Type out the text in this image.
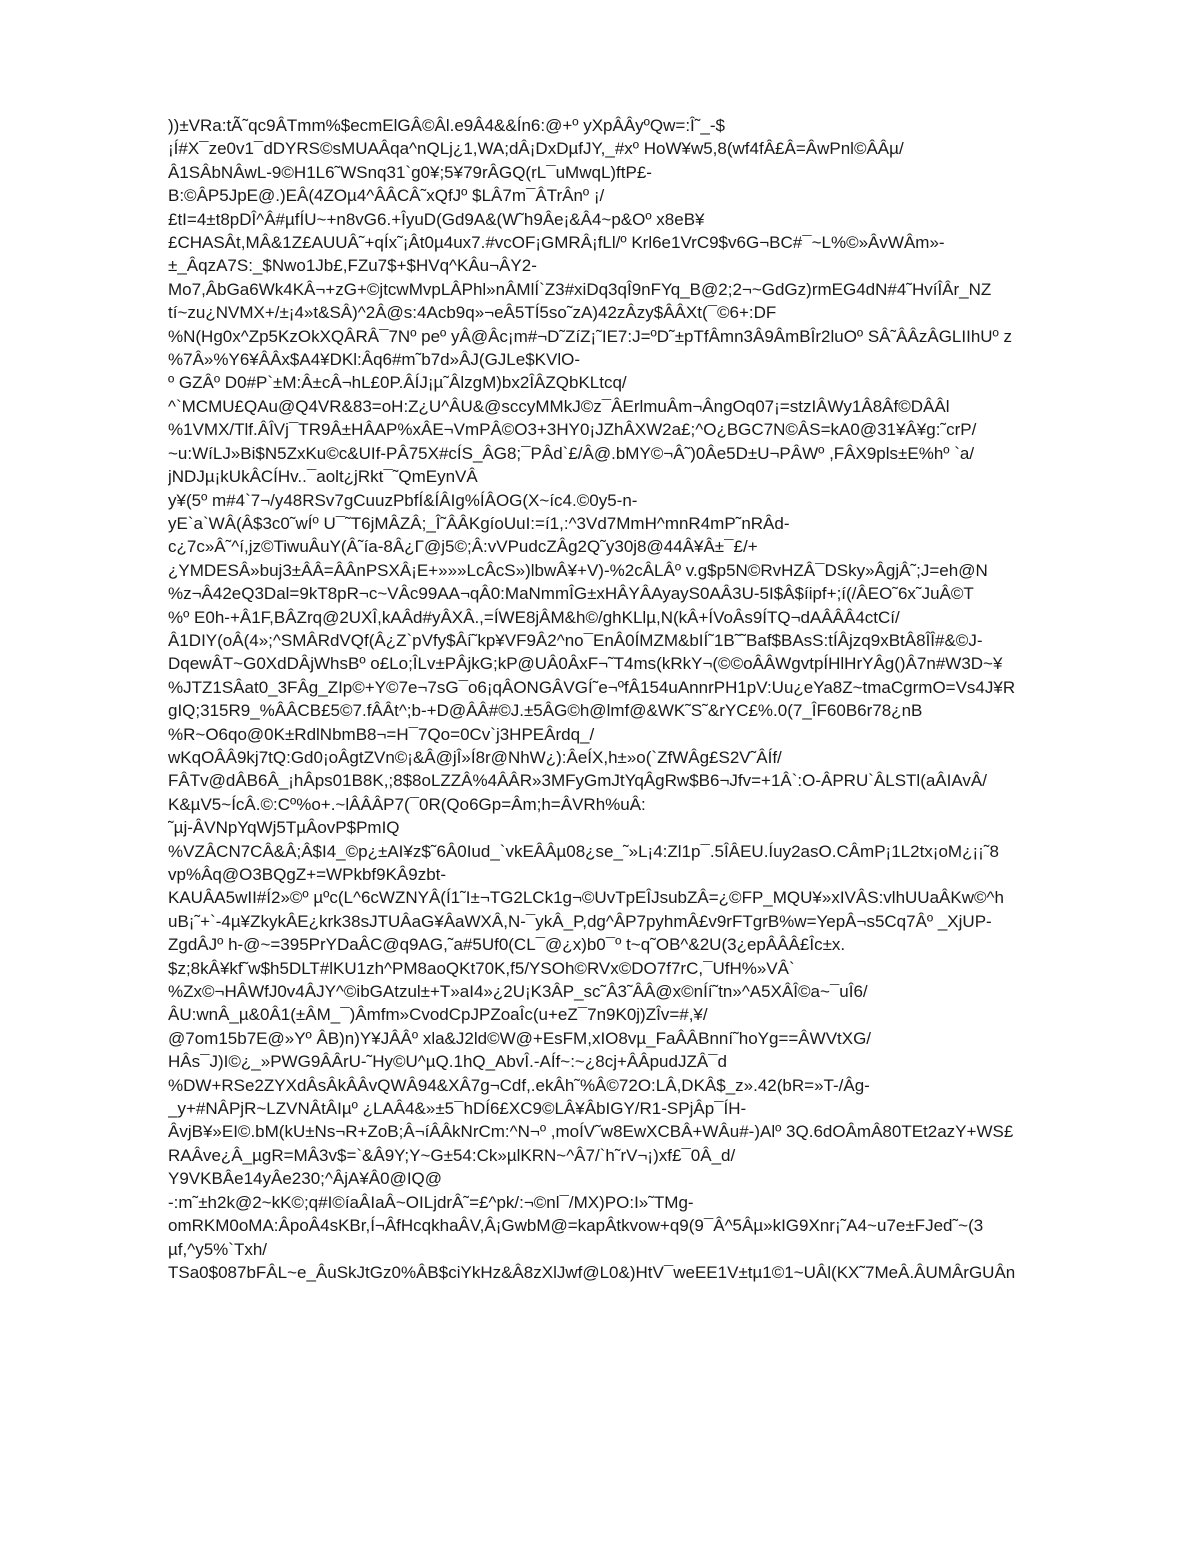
))±VRa:tÃ˜qc9ÂTmm%$ecmElGÂ©Âl.e9Â4&&Ín6:@+º yXpÂÂyºQw=:Î˜_-$
¡Í#X¯ze0v1¯dDYRS©sMUAÂqa^nQLj¿1,WA;dÂ¡DxDµfJY,_#xº HoW¥w5,8(wf4fÂ£Â=ÂwPnl©ÂÂµ/
Â1SÂbNÂwL-9©H1L6˜WSnq31`g0¥;5¥79rÂGQ(rL¯uMwqL)ftP£-
B:©ÂP5JpE@.)EÂ(4ZOµ4^ÂÂCÂ˜xQfJº $LÂ7m¯ÂTrÂnº ¡/
£tI=4±t8pDÎ^Â#µfÍU~+n8vG6.+ÎyuD(Gd9A&(W˜h9Âe¡&Â4~p&Oº x8eB¥
£CHASÂt,MÂ&1Z£AUUÂ˜+qÍx˜¡Ât0µ4ux7.#vcOF¡GMRÂ¡fLl/º Krl6e1VrC9$v6G¬BC#¯~L%©»ÂvWÂm»-
±_ÂqzA7S:_$Nwo1Jb£,FZu7$+$HVq^KÂu¬ÂY2-
Mo7,ÂbGa6Wk4KÂ¬+zG+©jtcwMvpLÂPhl»nÂMlÍ`Z3#xiDq3qÎ9nFYq_B@2;2¬~GdGz)rmEG4dN#4˜HvíÎÂr_NZ
tí~zu¿NVMX+/±¡4»t&SÂ)^2Â@s:4Acb9q»¬eÂ5TÍ5so˜zA)42zÂzy$ÂÂXt(¯©6+:DF
%N(Hg0x^Zp5KzOkXQÂRÂ¯7Nº peº yÂ@Âc¡m#¬D˜ZíZ¡˜IE7:J=ºD˜±pTfÂmn3Â9ÂmBÎr2luOº SÂ˜ÂÂzÂGLIIhUº z
%7Â»%Y6¥ÂÂx$A4¥DKl:Âq6#m˜b7d»ÂJ(GJLe$KVlO-
º GZÂº D0#P`±M:Â±cÂ¬hL£0P.ÂÍJ¡µ˜ÂlzgM)bx2ÎÂZQbKLtcq/
^`MCMU£QAu@Q4VR&83=oH:Z¿U^ÂU&@sccyMMkJ©z¯ÂErlmuÂm¬ÂngOq07¡=stzIÂWy1Â8Âf©DÂÂl
%1VMX/Tlf.ÂÎVj¯TR9Â±HÂAP%xÂE¬VmPÂ©O3+3HY0¡JZhÂXW2a£;^O¿BGC7N©ÂS=kA0@31¥Â¥g:˜crP/
~u:WíLJ»Bi$N5ZxKu©c&UIf-PÂ75X#cÍS_ÂG8;¯PÂd`£/Â@.bMY©¬Â˜)0Âe5D±U¬PÂWº ,FÂX9pls±E%hº `a/
jNDJµ¡kUkÂCÍHv..¯aolt¿jRkt¯˜QmEynVÂ
y¥(5º m#4`7¬/y48RSv7gCuuzPbfÍ&ÍÂIg%ÍÂOG(X~íc4.©0y5-n-
yE`a`WÂ(Â$3c0˜wÍº U¯˜T6jMÂZÂ;_Î˜ÂÂKgíoUuI:=í1,:^3Vd7MmH^mnR4mP˜nRÂd-
c¿7c»Â˜^í,jz©TiwuÂuY(Â˜ía-8Â¿Γ@j5©;Â:vVPudcZÂg2Q˜y30j8@44Â¥Â±¯£/+
¿YMDESÂ»buj3±ÂÂ=ÂÂnPSXÂ¡E+»»»LcÂcS»)lbwÂ¥+V)-%2cÂLÂº v.g$p5N©RvHZÂ¯DSky»ÂgjÂ˜;J=eh@N
%z¬Â42eQ3Dal=9kT8pR¬c~VÂc99AA¬qÂ0:MaNmmÎG±xHÂYÂAyayS0AÂ3U-5I$Â$íipf+;í(/ÂEO˜6x˜JuÂ©T
%º E0h-+Â1F,BÂZrq@2UXÎ,kAÂd#yÂXÂ.,=ÍWE8jÂM&h©/ghKLlµ,N(kÂ+ÍVoÂs9ÍTQ¬dAÂÂÂ4ctCí/
Â1DIY(oÂ(4»;^SMÂRdVQf(Â¿Z`pVfy$Âí˜kp¥VF9Â2^no¯EnÂ0ÍMZM&bIÍ˜1B˜˜Baf$BAsS:tÍÂjzq9xBtÂ8ÎÎ#&©J-
DqewÂT~G0XdDÂjWhsBº o£Lo;ÎLv±PÂjkG;kP@UÂ0ÂxF¬˜T4ms(kRkY¬(©©oÂÂWgvtpÍHlHrYÂg()Â7n#W3D~¥
%JTZ1SÂat0_3FÂg_ZIp©+Y©7e¬7sG¯o6¡qÂONGÂVGÍ˜e¬ºfÂ154uAnnrPH1pV:Uu¿eYa8Z~tmaCgrmO=Vs4J¥R
gIQ;315R9_%ÂÂCB£5©7.fÂÂt^;b-+D@ÂÂ#©J.±5ÂG©h@lmf@&WK˜S˜&rYC£%.0(7_ÎF60B6r78¿nB
%R~O6qo@0K±RdlNbmB8¬=H¯7Qo=0Cv`j3HPEÂrdq_/
wKqOÂÂ9kj7tQ:Gd0¡oÂgtZVn©¡&Â@jÎ»Í8r@NhW¿):ÂeÍX,h±»o(`ZfWÂg£S2V˜ÂÍf/
FÂTv@dÂB6Â_¡hÂps01B8K,;8$8oLZZÂ%4ÂÂR»3MFyGmJtYqÂgRw$B6¬Jfv=+1Â`:O-ÂPRU`ÂLSTl(aÂIAvÂ/
K&µV5~ÍcÂ.©:Cº%o+.~lÂÂÂP7(¯0R(Qo6Gp=Âm;h=ÂVRh%uÂ:
˜µj-ÂVNpYqWj5TµÂovP$PmIQ
%VZÂCN7CÂ&Â;Â$I4_©p¿±AI¥z$˜6Â0Iud_`vkEÂÂµ08¿se_˜»L¡4:Zl1p¯.5ÎÂEU.Íuy2asO.CÂmP¡1L2tx¡oM¿¡¡˜8
vp%Âq@O3BQgZ+=WPkbf9KÂ9zbt-
KAUÂA5wII#Í2»©º µºc(L^6cWZNYÂ(Í1˜I±¬TG2LCk1g¬©UvTpEÎJsubZÂ=¿©FP_MQU¥»xIVÂS:vlhUUaÂKw©^h
uB¡˜+`-4µ¥ZkykÂE¿krk38sJTUÂaG¥ÂaWXÂ,N-¯ykÂ_P,dg^ÂP7pyhmÂ£v9rFTgrB%w=YepÂ¬s5Cq7Âº _XjUP-
ZgdÂJº h-@~=395PrYDaÂC@q9AG,˜a#5Uf0(CL¯@¿x)b0¯º t~q˜OB^&2U(3¿epÂÂÂ£Îc±x.
$z;8kÂ¥kf˜w$h5DLT#lKU1zh^PM8aoQKt70K,f5/YSOh©RVx©DO7f7rC,¯UfH%»VÂ`
%Zx©¬HÂWfJ0v4ÂJY^©ibGAtzul±+T»aI4»¿2U¡K3ÂP_sc˜Â3˜ÂÂ@x©nÍí˜tn»^A5XÂÎ©a~¯uÎ6/
ÂU:wnÂ_µ&0Â1(±ÂM_¯)Âmfm»CvodCpJPZoaÎc(u+eZ¯7n9K0j)ZÎv=#,¥/
@7om15b7E@»Yº ÂB)n)Y¥JÂÂº xla&J2ld©W@+EsFM,xIO8vµ_FaÂÂBnní˜hoYg==ÂWVtXG/
HÂs¯J)I©¿_»PWG9ÂÂrU-˜Hy©U^µQ.1hQ_AbvÎ.-AÍf~:~¿8cj+ÂÂpudJZÂ¯d
%DW+RSe2ZYXdÂsÂkÂÂvQWÂ94&XÂ7g¬Cdf,.ekÂh˜%Â©72O:LÂ,DKÂ$_z».42(bR=»T-/Âg-
_y+#NÂPjR~LZVNÂtÂIµº ¿LAÂ4&»±5¯hDÍ6£XC9©LÂ¥ÂbIGY/R1-SPjÂp¯ÍH-
ÂvjB¥»EI©.bM(kU±Ns¬R+ZoB;Â¬íÂÂkNrCm:^N¬º ,moÍV˜w8EwXCBÂ+WÂu#-)Alº 3Q.6dOÂmÂ80TEt2azY+WS£
RAÂve¿Â_µgR=MÂ3v$=`&Â9Y;Y~G±54:Ck»µlKRN~^Â7/`h˜rV¬¡)xf£¯0Â_d/
Y9VKBÂe14yÂe230;^ÂjA¥Â0@IQ@
-:m˜±h2k@2~kK©;q#I©íaÂIaÂ~OILjdrÂ˜=£^pk/:¬©nl¯/MX)PO:I»˜TMg-
omRKM0oMA:ÂpoÂ4sKBr,Í¬ÂfHcqkhaÂV,Â¡GwbM@=kapÂtkvow+q9(9¯Â^5Âµ»kIG9Xnr¡˜A4~u7e±FJed˜~(3
µf,^y5%`Txh/
TSa0$087bFÂL~e_ÂuSkJtGz0%ÂB$ciYkHz&Â8zXlJwf@L0&)HtV¯weEE1V±tµ1©1~UÂl(KX˜7MeÂ.ÂUMÂrGUÂn
